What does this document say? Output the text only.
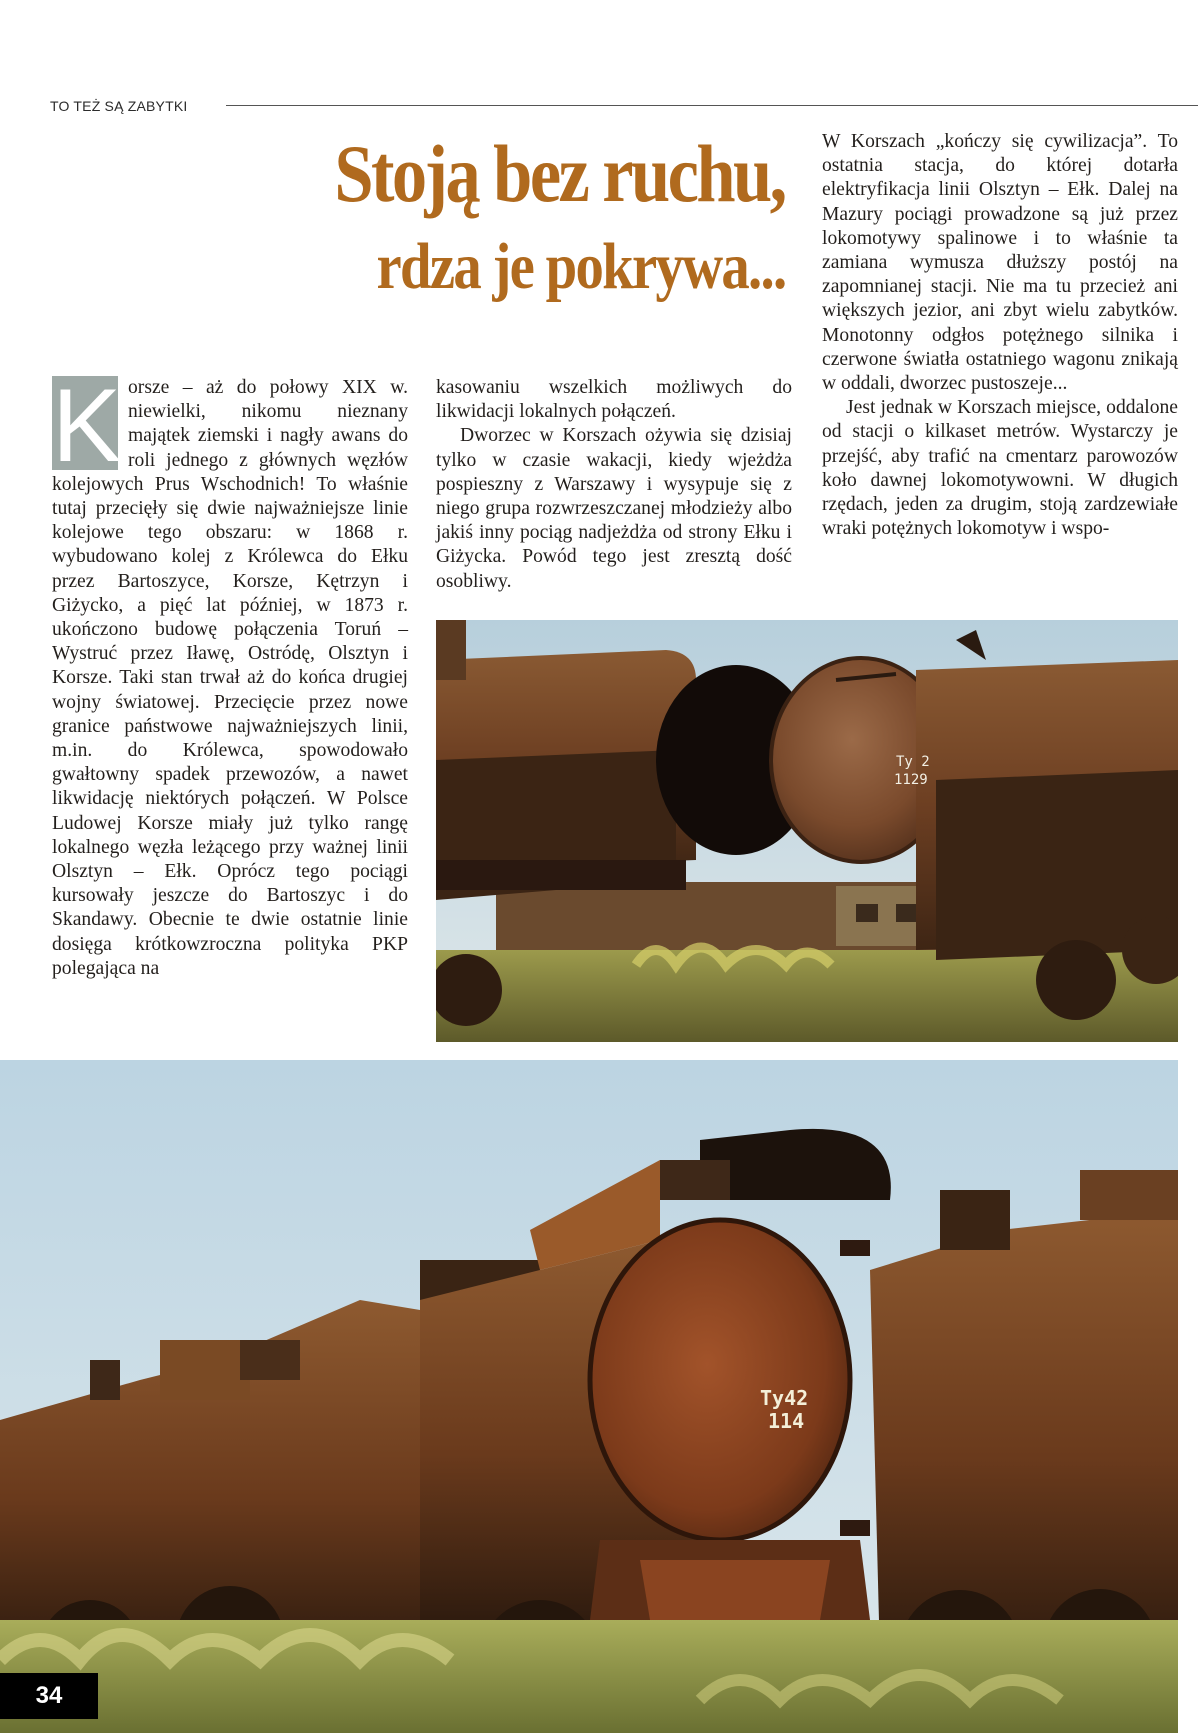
TO TEŻ SĄ ZABYTKI
Stoją bez ruchu,
rdza je pokrywa...

K orsze – aż do połowy XIX w. niewielki, nikomu nieznany majątek ziemski i nagły awans do roli jednego z głównych węzłów kolejowych Prus Wschodnich! To właśnie tutaj przecięły się dwie najważniejsze linie kolejowe tego obszaru: w 1868 r. wybudowano kolej z Królewca do Ełku przez Bartoszyce, Korsze, Kętrzyn i Giżycko, a pięć lat później, w 1873 r. ukończono budowę połączenia Toruń – Wystruć przez Iławę, Ostródę, Olsztyn i Korsze. Taki stan trwał aż do końca drugiej wojny światowej. Przecięcie przez nowe granice państwowe najważniejszych linii, m.in. do Królewca, spowodowało gwałtowny spadek przewozów, a nawet likwidację niektórych połączeń. W Polsce Ludowej Korsze miały już tylko rangę lokalnego węzła leżącego przy ważnej linii Olsztyn – Ełk. Oprócz tego pociągi kursowały jeszcze do Bartoszyc i do Skandawy. Obecnie te dwie ostatnie linie dosięga krótkowzroczna polityka PKP polegająca na

kasowaniu wszelkich możliwych do likwidacji lokalnych połączeń.

Dworzec w Korszach ożywia się dzisiaj tylko w czasie wakacji, kiedy wjeżdża pospieszny z Warszawy i wysypuje się z niego grupa rozwrzeszczanej młodzieży albo jakiś inny pociąg nadjeżdża od strony Ełku i Giżycka. Powód tego jest zresztą dość osobliwy.

W Korszach „kończy się cywilizacja”. To ostatnia stacja, do której dotarła elektryfikacja linii Olsztyn – Ełk. Dalej na Mazury pociągi prowadzone są już przez lokomotywy spalinowe i to właśnie ta zamiana wymusza dłuższy postój na zapomnianej stacji. Nie ma tu przecież ani większych jezior, ani zbyt wielu zabytków. Monotonny odgłos potężnego silnika i czerwone światła ostatniego wagonu znikają w oddali, dworzec pustoszeje...

Jest jednak w Korszach miejsce, oddalone od stacji o kilkaset metrów. Wystarczy je przejść, aby trafić na cmentarz parowozów koło dawnej lokomotywowni. W długich rzędach, jeden za drugim, stoją zardzewiałe wraki potężnych lokomotyw i wspo-

Ty 2
1129
Ty42
114
34
